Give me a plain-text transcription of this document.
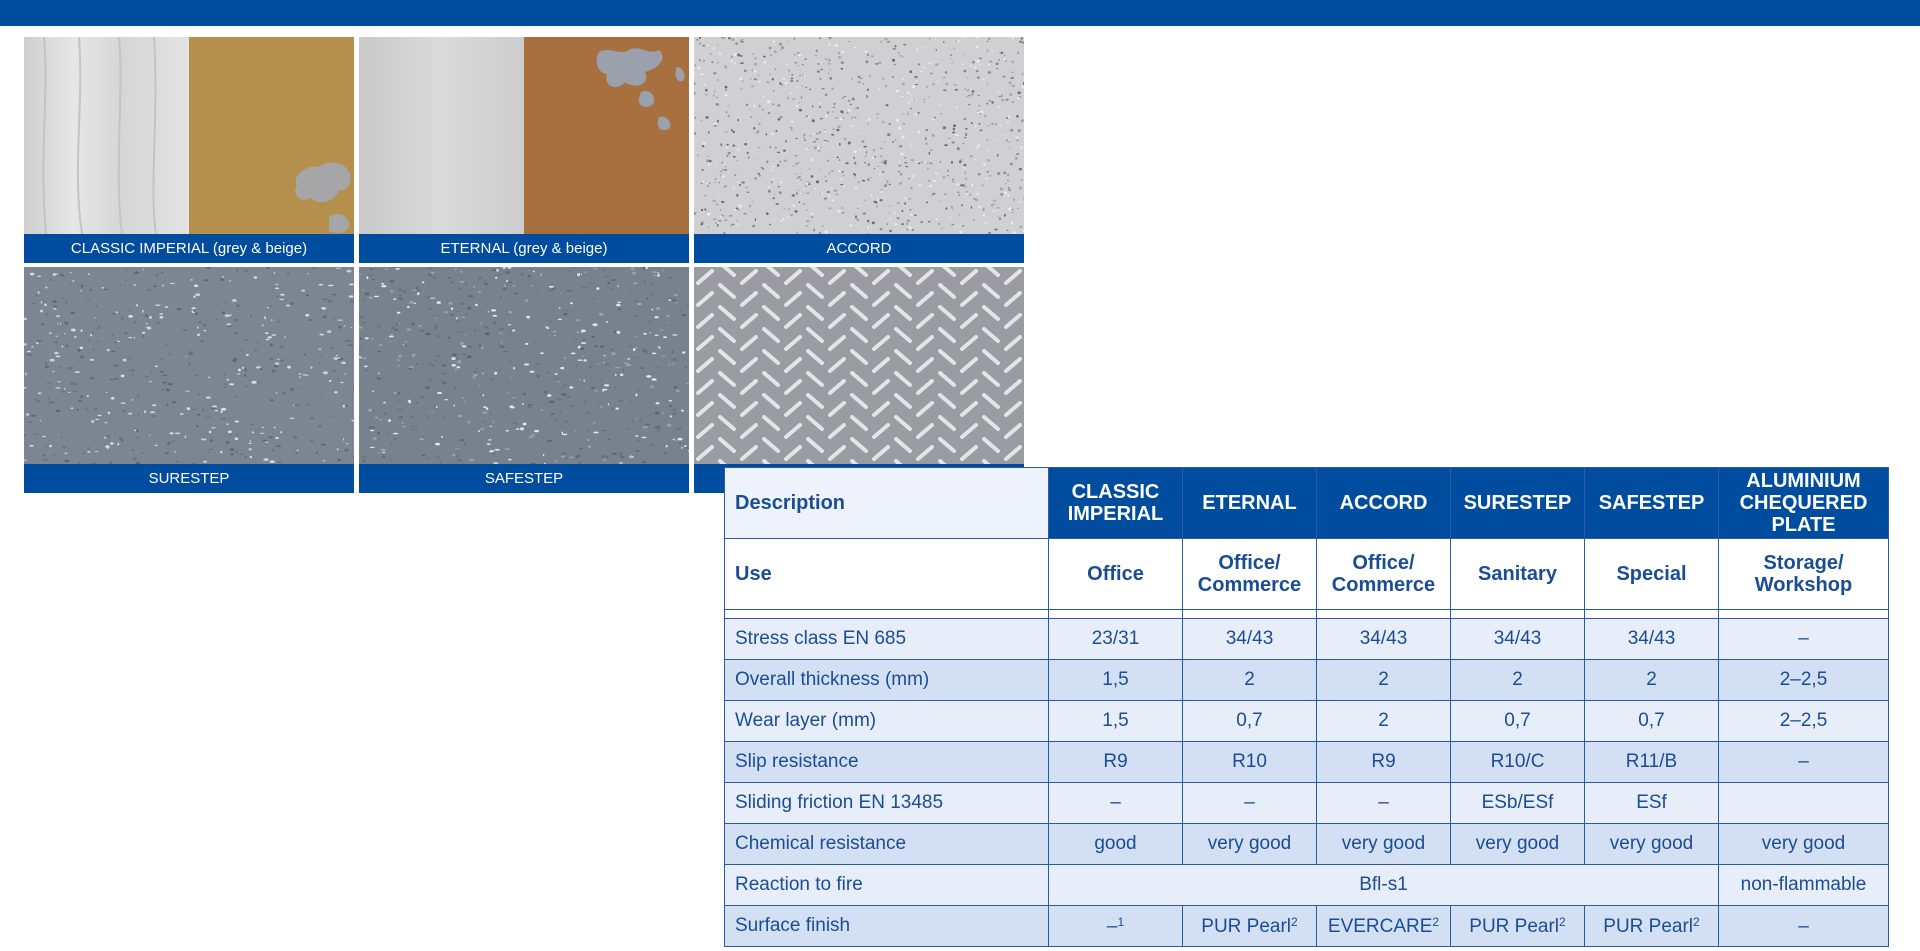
CLASSIC IMPERIAL (grey & beige)	ETERNAL (grey & beige)	ACCORD
SURESTEP	SAFESTEP
Description	CLASSIC IMPERIAL	ETERNAL	ACCORD	SURESTEP	SAFESTEP	ALUMINIUM CHEQUERED PLATE
Use	Office	Office/ Commerce	Office/ Commerce	Sanitary	Special	Storage/ Workshop

Stress class EN 685	23/31	34/43	34/43	34/43	34/43	–
Overall thickness (mm)	1,5	2	2	2	2	2–2,5
Wear layer (mm)	1,5	0,7	2	0,7	0,7	2–2,5
Slip resistance	R9	R10	R9	R10/C	R11/B	–
Sliding friction EN 13485	–	–	–	ESb/ESf	ESf	
Chemical resistance	good	very good	very good	very good	very good	very good
Reaction to fire	Bfl-s1					non-flammable
Surface finish	–$^1$	PUR Pearl$^2$	EVERCARE$^2$	PUR Pearl$^2$	PUR Pearl$^2$	–
